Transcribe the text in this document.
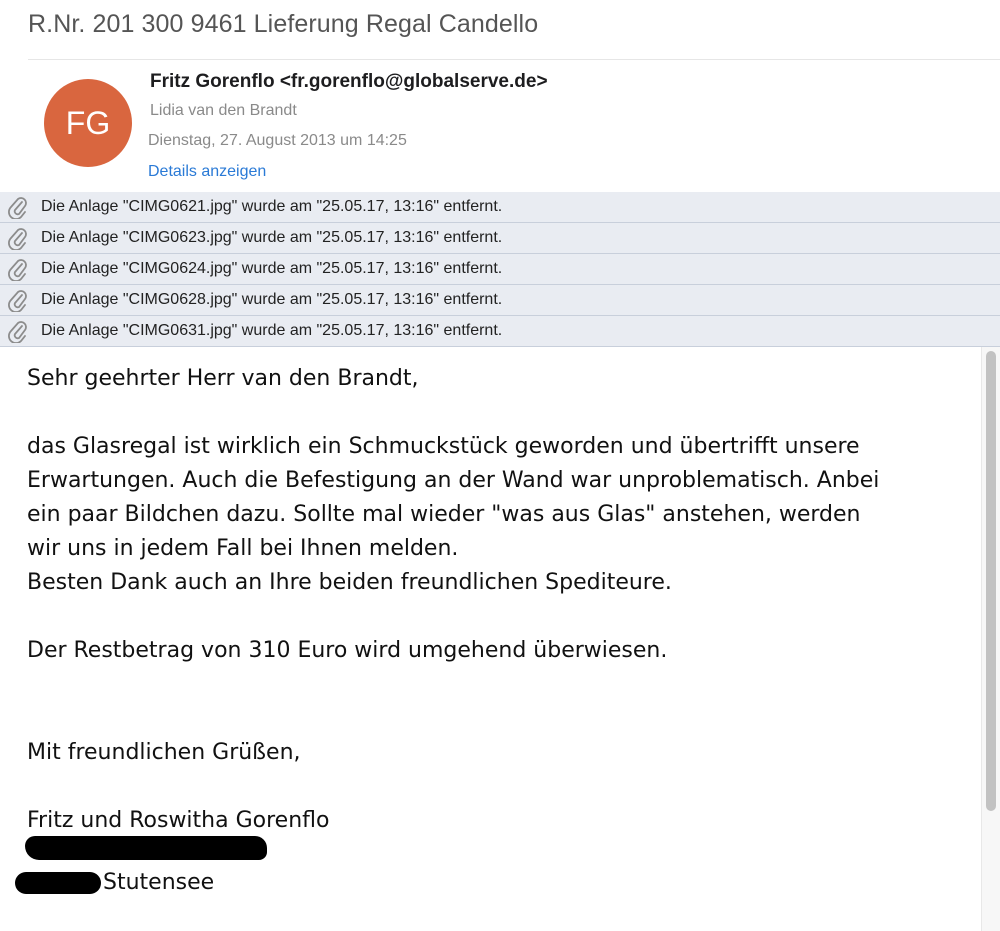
R.Nr. 201 300 9461 Lieferung Regal Candello
FG
Fritz Gorenflo <fr.gorenflo@globalserve.de>
Lidia van den Brandt
Dienstag, 27. August 2013 um 14:25
Details anzeigen
Die Anlage "CIMG0621.jpg" wurde am "25.05.17, 13:16" entfernt.
Die Anlage "CIMG0623.jpg" wurde am "25.05.17, 13:16" entfernt.
Die Anlage "CIMG0624.jpg" wurde am "25.05.17, 13:16" entfernt.
Die Anlage "CIMG0628.jpg" wurde am "25.05.17, 13:16" entfernt.
Die Anlage "CIMG0631.jpg" wurde am "25.05.17, 13:16" entfernt.

Sehr geehrter Herr van den Brandt,

das Glasregal ist wirklich ein Schmuckstück geworden und übertrifft unsere

Erwartungen. Auch die Befestigung an der Wand war unproblematisch. Anbei

ein paar Bildchen dazu. Sollte mal wieder "was aus Glas" anstehen, werden

wir uns in jedem Fall bei Ihnen melden.

Besten Dank auch an Ihre beiden freundlichen Spediteure.

Der Restbetrag von 310 Euro wird umgehend überwiesen.

Mit freundlichen Grüßen,

Fritz und Roswitha Gorenflo

Stutensee
